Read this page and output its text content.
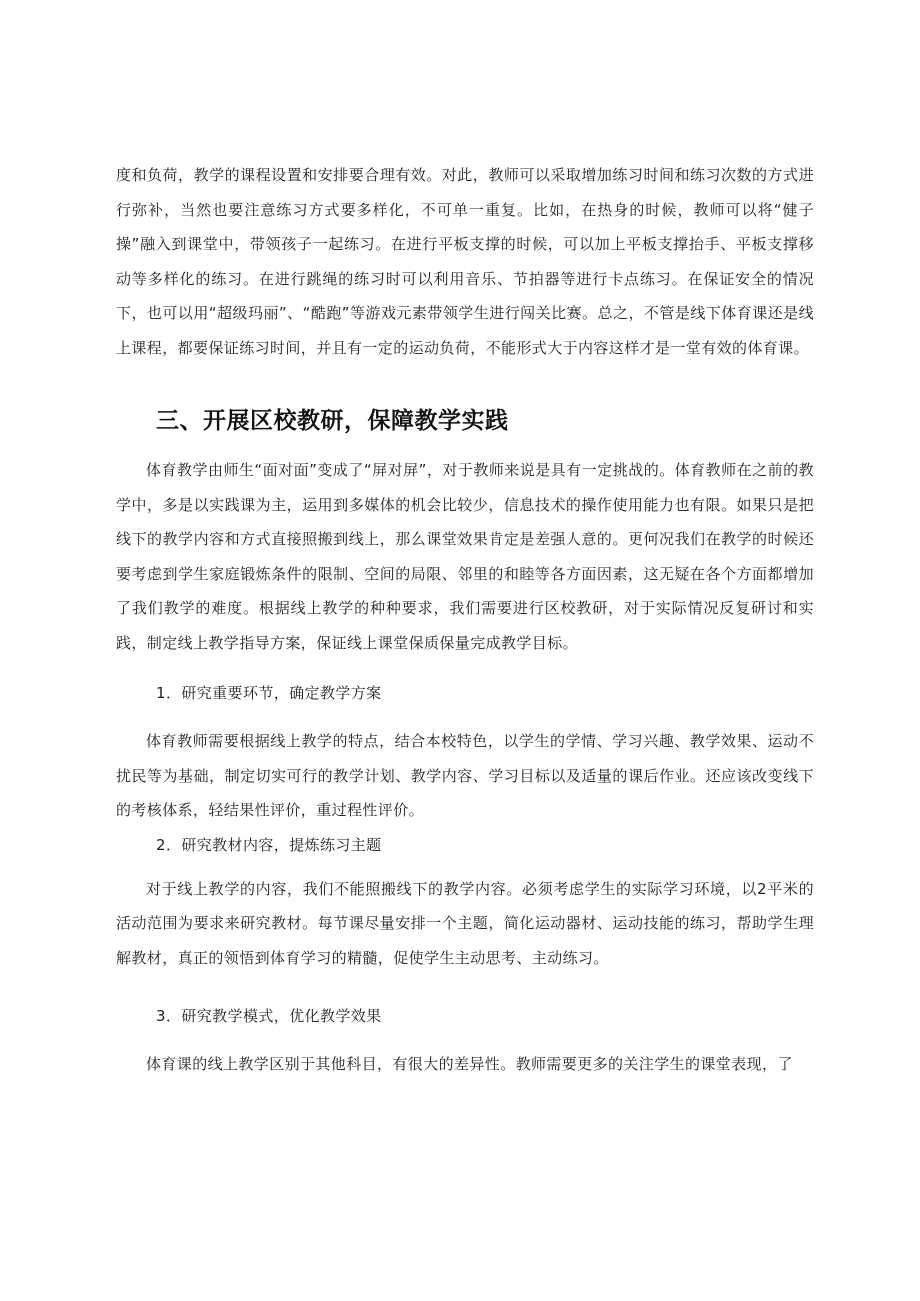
度和负荷，教学的课程设置和安排要合理有效。对此，教师可以采取增加练习时间和练习次数的方式进行弥补，当然也要注意练习方式要多样化，不可单一重复。比如，在热身的时候，教师可以将“健子操”融入到课堂中，带领孩子一起练习。在进行平板支撑的时候，可以加上平板支撑抬手、平板支撑移动等多样化的练习。在进行跳绳的练习时可以利用音乐、节拍器等进行卡点练习。在保证安全的情况下，也可以用“超级玛丽”、“酷跑”等游戏元素带领学生进行闯关比赛。总之，不管是线下体育课还是线上课程，都要保证练习时间，并且有一定的运动负荷，不能形式大于内容这样才是一堂有效的体育课。

三、开展区校教研，保障教学实践

体育教学由师生“面对面”变成了“屏对屏”，对于教师来说是具有一定挑战的。体育教师在之前的教学中，多是以实践课为主，运用到多媒体的机会比较少，信息技术的操作使用能力也有限。如果只是把线下的教学内容和方式直接照搬到线上，那么课堂效果肯定是差强人意的。更何况我们在教学的时候还要考虑到学生家庭锻炼条件的限制、空间的局限、邻里的和睦等各方面因素，这无疑在各个方面都增加了我们教学的难度。根据线上教学的种种要求，我们需要进行区校教研，对于实际情况反复研讨和实践，制定线上教学指导方案，保证线上课堂保质保量完成教学目标。

1．研究重要环节，确定教学方案

体育教师需要根据线上教学的特点，结合本校特色，以学生的学情、学习兴趣、教学效果、运动不扰民等为基础，制定切实可行的教学计划、教学内容、学习目标以及适量的课后作业。还应该改变线下的考核体系，轻结果性评价，重过程性评价。

2．研究教材内容，提炼练习主题

对于线上教学的内容，我们不能照搬线下的教学内容。必须考虑学生的实际学习环境，以2平米的活动范围为要求来研究教材。每节课尽量安排一个主题，简化运动器材、运动技能的练习，帮助学生理解教材，真正的领悟到体育学习的精髓，促使学生主动思考、主动练习。

3．研究教学模式，优化教学效果

体育课的线上教学区别于其他科目，有很大的差异性。教师需要更多的关注学生的课堂表现，了
